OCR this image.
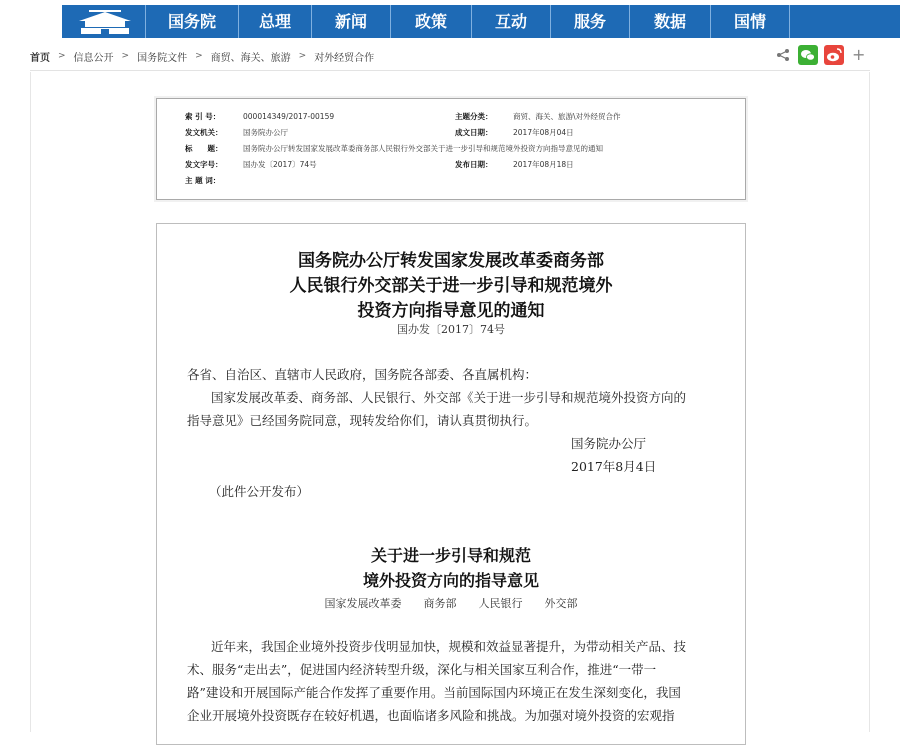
国务院	总理	新闻	政策	互动	服务	数据	国情
首页 > 信息公开 > 国务院文件 > 商贸、海关、旅游 > 对外经贸合作	+
索 引 号：	000014349/2017-00159	主题分类：	商贸、海关、旅游\对外经贸合作
发文机关：	国务院办公厅	成文日期：	2017年08月04日
标　　题：	国务院办公厅转发国家发展改革委商务部人民银行外交部关于进一步引导和规范境外投资方向指导意见的通知
发文字号：	国办发〔2017〕74号	发布日期：	2017年08月18日
主 题 词：
国务院办公厅转发国家发展改革委商务部
人民银行外交部关于进一步引导和规范境外
投资方向指导意见的通知
国办发〔2017〕74号
各省、自治区、直辖市人民政府，国务院各部委、各直属机构：
国家发展改革委、商务部、人民银行、外交部《关于进一步引导和规范境外投资方向的
指导意见》已经国务院同意，现转发给你们，请认真贯彻执行。
国务院办公厅
2017年8月4日
（此件公开发布）
关于进一步引导和规范
境外投资方向的指导意见
国家发展改革委　　商务部　　人民银行　　外交部
近年来，我国企业境外投资步伐明显加快，规模和效益显著提升，为带动相关产品、技
术、服务“走出去”，促进国内经济转型升级，深化与相关国家互利合作，推进“一带一
路”建设和开展国际产能合作发挥了重要作用。当前国际国内环境正在发生深刻变化，我国
企业开展境外投资既存在较好机遇，也面临诸多风险和挑战。为加强对境外投资的宏观指
